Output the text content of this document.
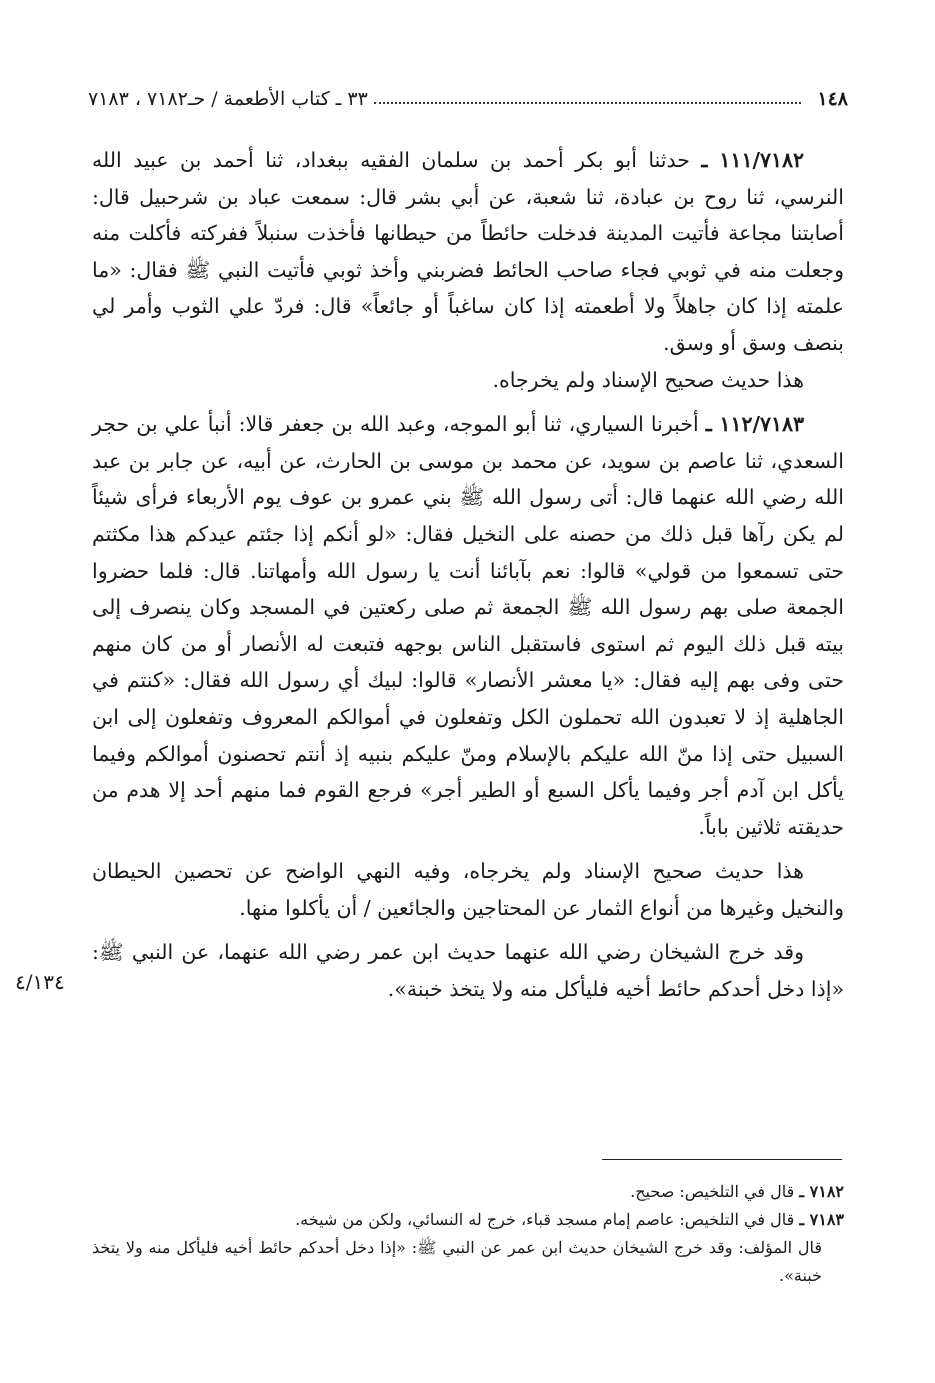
١٤٨
٣٣ ـ كتاب الأطعمة / حـ٧١٨٢ ، ٧١٨٣

١١١/٧١٨٢ ـ حدثنا أبو بكر أحمد بن سلمان الفقيه ببغداد، ثنا أحمد بن عبيد الله النرسي، ثنا روح بن عبادة، ثنا شعبة، عن أبي بشر قال: سمعت عباد بن شرحبيل قال: أصابتنا مجاعة فأتيت المدينة فدخلت حائطاً من حيطانها فأخذت سنبلاً ففركته فأكلت منه وجعلت منه في ثوبي فجاء صاحب الحائط فضربني وأخذ ثوبي فأتيت النبي ﷺ فقال: «ما علمته إذا كان جاهلاً ولا أطعمته إذا كان ساغباً أو جائعاً» قال: فردّ علي الثوب وأمر لي بنصف وسق أو وسق.

هذا حديث صحيح الإسناد ولم يخرجاه.

١١٢/٧١٨٣ ـ أخبرنا السياري، ثنا أبو الموجه، وعبد الله بن جعفر قالا: أنبأ علي بن حجر السعدي، ثنا عاصم بن سويد، عن محمد بن موسى بن الحارث، عن أبيه، عن جابر بن عبد الله رضي الله عنهما قال: أتى رسول الله ﷺ بني عمرو بن عوف يوم الأربعاء فرأى شيئاً لم يكن رآها قبل ذلك من حصنه على النخيل فقال: «لو أنكم إذا جئتم عيدكم هذا مكثتم حتى تسمعوا من قولي» قالوا: نعم بآبائنا أنت يا رسول الله وأمهاتنا. قال: فلما حضروا الجمعة صلى بهم رسول الله ﷺ الجمعة ثم صلى ركعتين في المسجد وكان ينصرف إلى بيته قبل ذلك اليوم ثم استوى فاستقبل الناس بوجهه فتبعت له الأنصار أو من كان منهم حتى وفى بهم إليه فقال: «يا معشر الأنصار» قالوا: لبيك أي رسول الله فقال: «كنتم في الجاهلية إذ لا تعبدون الله تحملون الكل وتفعلون في أموالكم المعروف وتفعلون إلى ابن السبيل حتى إذا منّ الله عليكم بالإسلام ومنّ عليكم بنبيه إذ أنتم تحصنون أموالكم وفيما يأكل ابن آدم أجر وفيما يأكل السبع أو الطير أجر» فرجع القوم فما منهم أحد إلا هدم من حديقته ثلاثين باباً.

هذا حديث صحيح الإسناد ولم يخرجاه، وفيه النهي الواضح عن تحصين الحيطان والنخيل وغيرها من أنواع الثمار عن المحتاجين والجائعين / أن يأكلوا منها.

وقد خرج الشيخان رضي الله عنهما حديث ابن عمر رضي الله عنهما، عن النبي ﷺ: «إذا دخل أحدكم حائط أخيه فليأكل منه ولا يتخذ خبنة».

٤/١٣٤

٧١٨٢ ـ قال في التلخيص: صحيح.

٧١٨٣ ـ قال في التلخيص: عاصم إمام مسجد قباء، خرج له النسائي، ولكن من شيخه.

قال المؤلف: وقد خرج الشيخان حديث ابن عمر عن النبي ﷺ: «إذا دخل أحدكم حائط أخيه فليأكل منه ولا يتخذ خبنة».
